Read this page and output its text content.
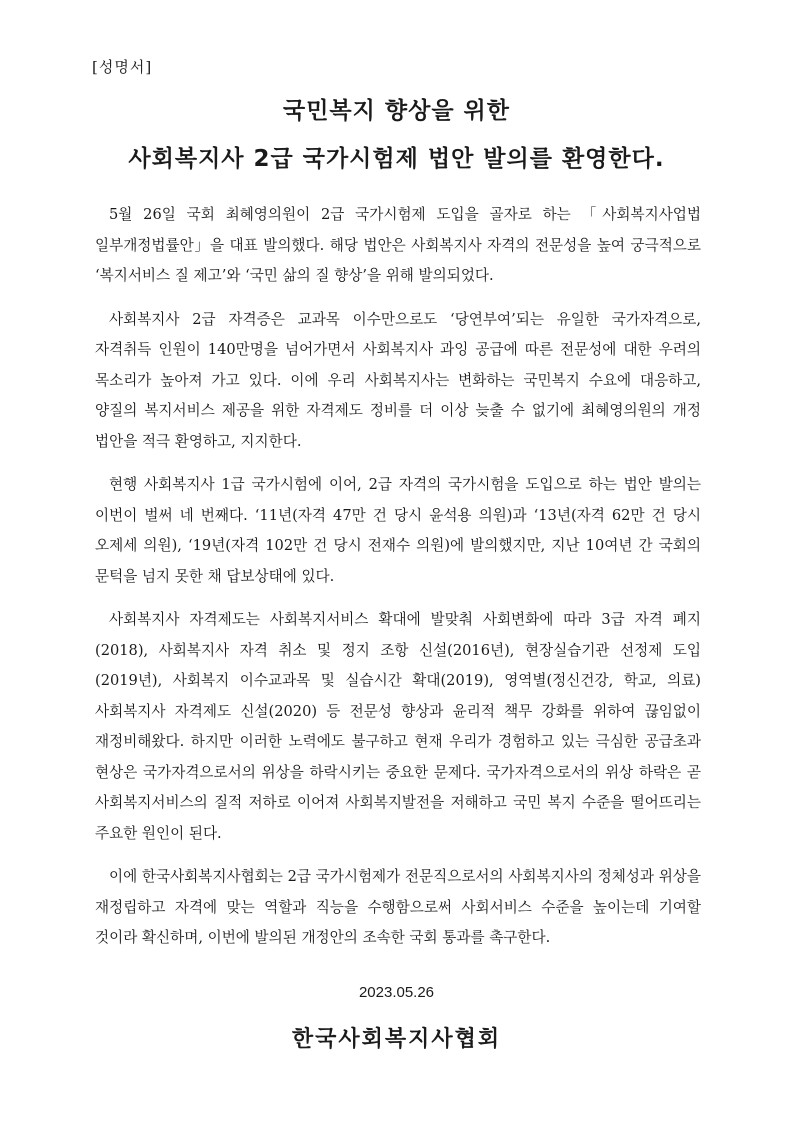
[성명서]
국민복지 향상을 위한
사회복지사 2급 국가시험제 법안 발의를 환영한다.

5월 26일 국회 최혜영의원이 2급 국가시험제 도입을 골자로 하는 「사회복지사업법 일부개정법률안」을 대표 발의했다. 해당 법안은 사회복지사 자격의 전문성을 높여 궁극적으로 ‘복지서비스 질 제고’와 ‘국민 삶의 질 향상’을 위해 발의되었다.

사회복지사 2급 자격증은 교과목 이수만으로도 ‘당연부여’되는 유일한 국가자격으로, 자격취득 인원이 140만명을 넘어가면서 사회복지사 과잉 공급에 따른 전문성에 대한 우려의 목소리가 높아져 가고 있다. 이에 우리 사회복지사는 변화하는 국민복지 수요에 대응하고, 양질의 복지서비스 제공을 위한 자격제도 정비를 더 이상 늦출 수 없기에 최혜영의원의 개정 법안을 적극 환영하고, 지지한다.

현행 사회복지사 1급 국가시험에 이어, 2급 자격의 국가시험을 도입으로 하는 법안 발의는 이번이 벌써 네 번째다. ‘11년(자격 47만 건 당시 윤석용 의원)과 ‘13년(자격 62만 건 당시 오제세 의원), ‘19년(자격 102만 건 당시 전재수 의원)에 발의했지만, 지난 10여년 간 국회의 문턱을 넘지 못한 채 답보상태에 있다.

사회복지사 자격제도는 사회복지서비스 확대에 발맞춰 사회변화에 따라 3급 자격 폐지(2018), 사회복지사 자격 취소 및 정지 조항 신설(2016년), 현장실습기관 선정제 도입(2019년), 사회복지 이수교과목 및 실습시간 확대(2019), 영역별(정신건강, 학교, 의료) 사회복지사 자격제도 신설(2020) 등 전문성 향상과 윤리적 책무 강화를 위하여 끊임없이 재정비해왔다. 하지만 이러한 노력에도 불구하고 현재 우리가 경험하고 있는 극심한 공급초과 현상은 국가자격으로서의 위상을 하락시키는 중요한 문제다. 국가자격으로서의 위상 하락은 곧 사회복지서비스의 질적 저하로 이어져 사회복지발전을 저해하고 국민 복지 수준을 떨어뜨리는 주요한 원인이 된다.

이에 한국사회복지사협회는 2급 국가시험제가 전문직으로서의 사회복지사의 정체성과 위상을 재정립하고 자격에 맞는 역할과 직능을 수행함으로써 사회서비스 수준을 높이는데 기여할 것이라 확신하며, 이번에 발의된 개정안의 조속한 국회 통과를 촉구한다.

2023.05.26
한국사회복지사협회
